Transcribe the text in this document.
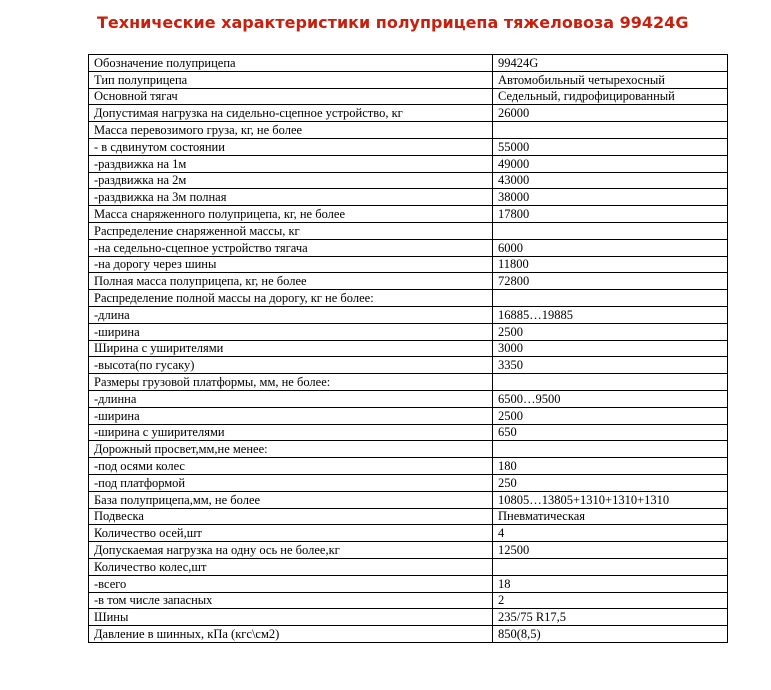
Технические характеристики полуприцепа тяжеловоза 99424G
Обозначение полуприцепа	99424G
Тип полуприцепа	Автомобильный четырехосный
Основной тягач	Седельный, гидрофицированный
Допустимая нагрузка на сидельно-сцепное устройство, кг	26000
Масса перевозимого груза, кг, не более	
- в сдвинутом состоянии	55000
-раздвижка на 1м	49000
-раздвижка на 2м	43000
-раздвижка на 3м полная	38000
Масса снаряженного полуприцепа, кг, не более	17800
Распределение снаряженной массы, кг	
-на седельно-сцепное устройство тягача	6000
-на дорогу через шины	11800
Полная масса полуприцепа, кг, не более	72800
Распределение полной массы на дорогу, кг не более:	
-длина	16885…19885
-ширина	2500
Ширина с уширителями	3000
-высота(по гусаку)	3350
Размеры грузовой платформы, мм, не более:	
-длинна	6500…9500
-ширина	2500
-ширина с уширителями	650
Дорожный просвет,мм,не менее:	
-под осями колес	180
-под платформой	250
База полуприцепа,мм, не более	10805…13805+1310+1310+1310
Подвеска	Пневматическая
Количество осей,шт	4
Допускаемая нагрузка на одну ось не более,кг	12500
Количество колес,шт	
-всего	18
-в том числе запасных	2
Шины	235/75 R17,5
Давление в шинных, кПа (кгс\см2)	850(8,5)
